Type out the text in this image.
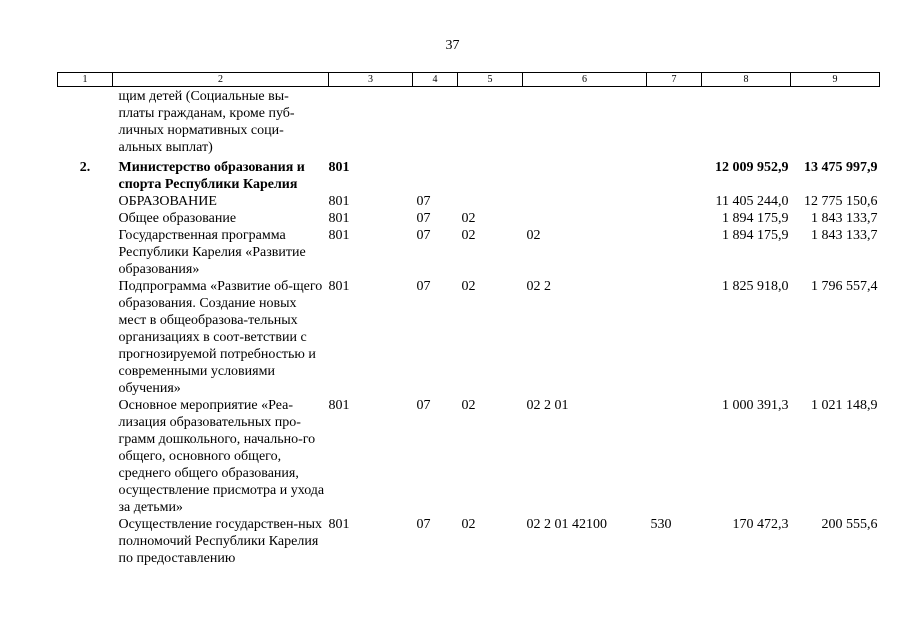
37
1	2	3	4	5	6	7	8	9
	щим детей (Социальные вы-платы гражданам, кроме пуб-личных нормативных соци-альных выплат)							
2.	Министерство образования и спорта Республики Карелия	801					12 009 952,9	13 475 997,9
	ОБРАЗОВАНИЕ	801	07				11 405 244,0	12 775 150,6
	Общее образование	801	07	02			1 894 175,9	1 843 133,7
	Государственная программа Республики Карелия «Развитие образования»	801	07	02	02		1 894 175,9	1 843 133,7
	Подпрограмма «Развитие об-щего образования. Создание новых мест в общеобразова-тельных организациях в соот-ветствии с прогнозируемой потребностью и современными условиями обучения»	801	07	02	02 2		1 825 918,0	1 796 557,4
	Основное мероприятие «Реа-лизация образовательных про-грамм дошкольного, начально-го общего, основного общего, среднего общего образования, осуществление присмотра и ухода за детьми»	801	07	02	02 2 01		1 000 391,3	1 021 148,9
	Осуществление государствен-ных полномочий Республики Карелия по предоставлению	801	07	02	02 2 01 42100	530	170 472,3	200 555,6
